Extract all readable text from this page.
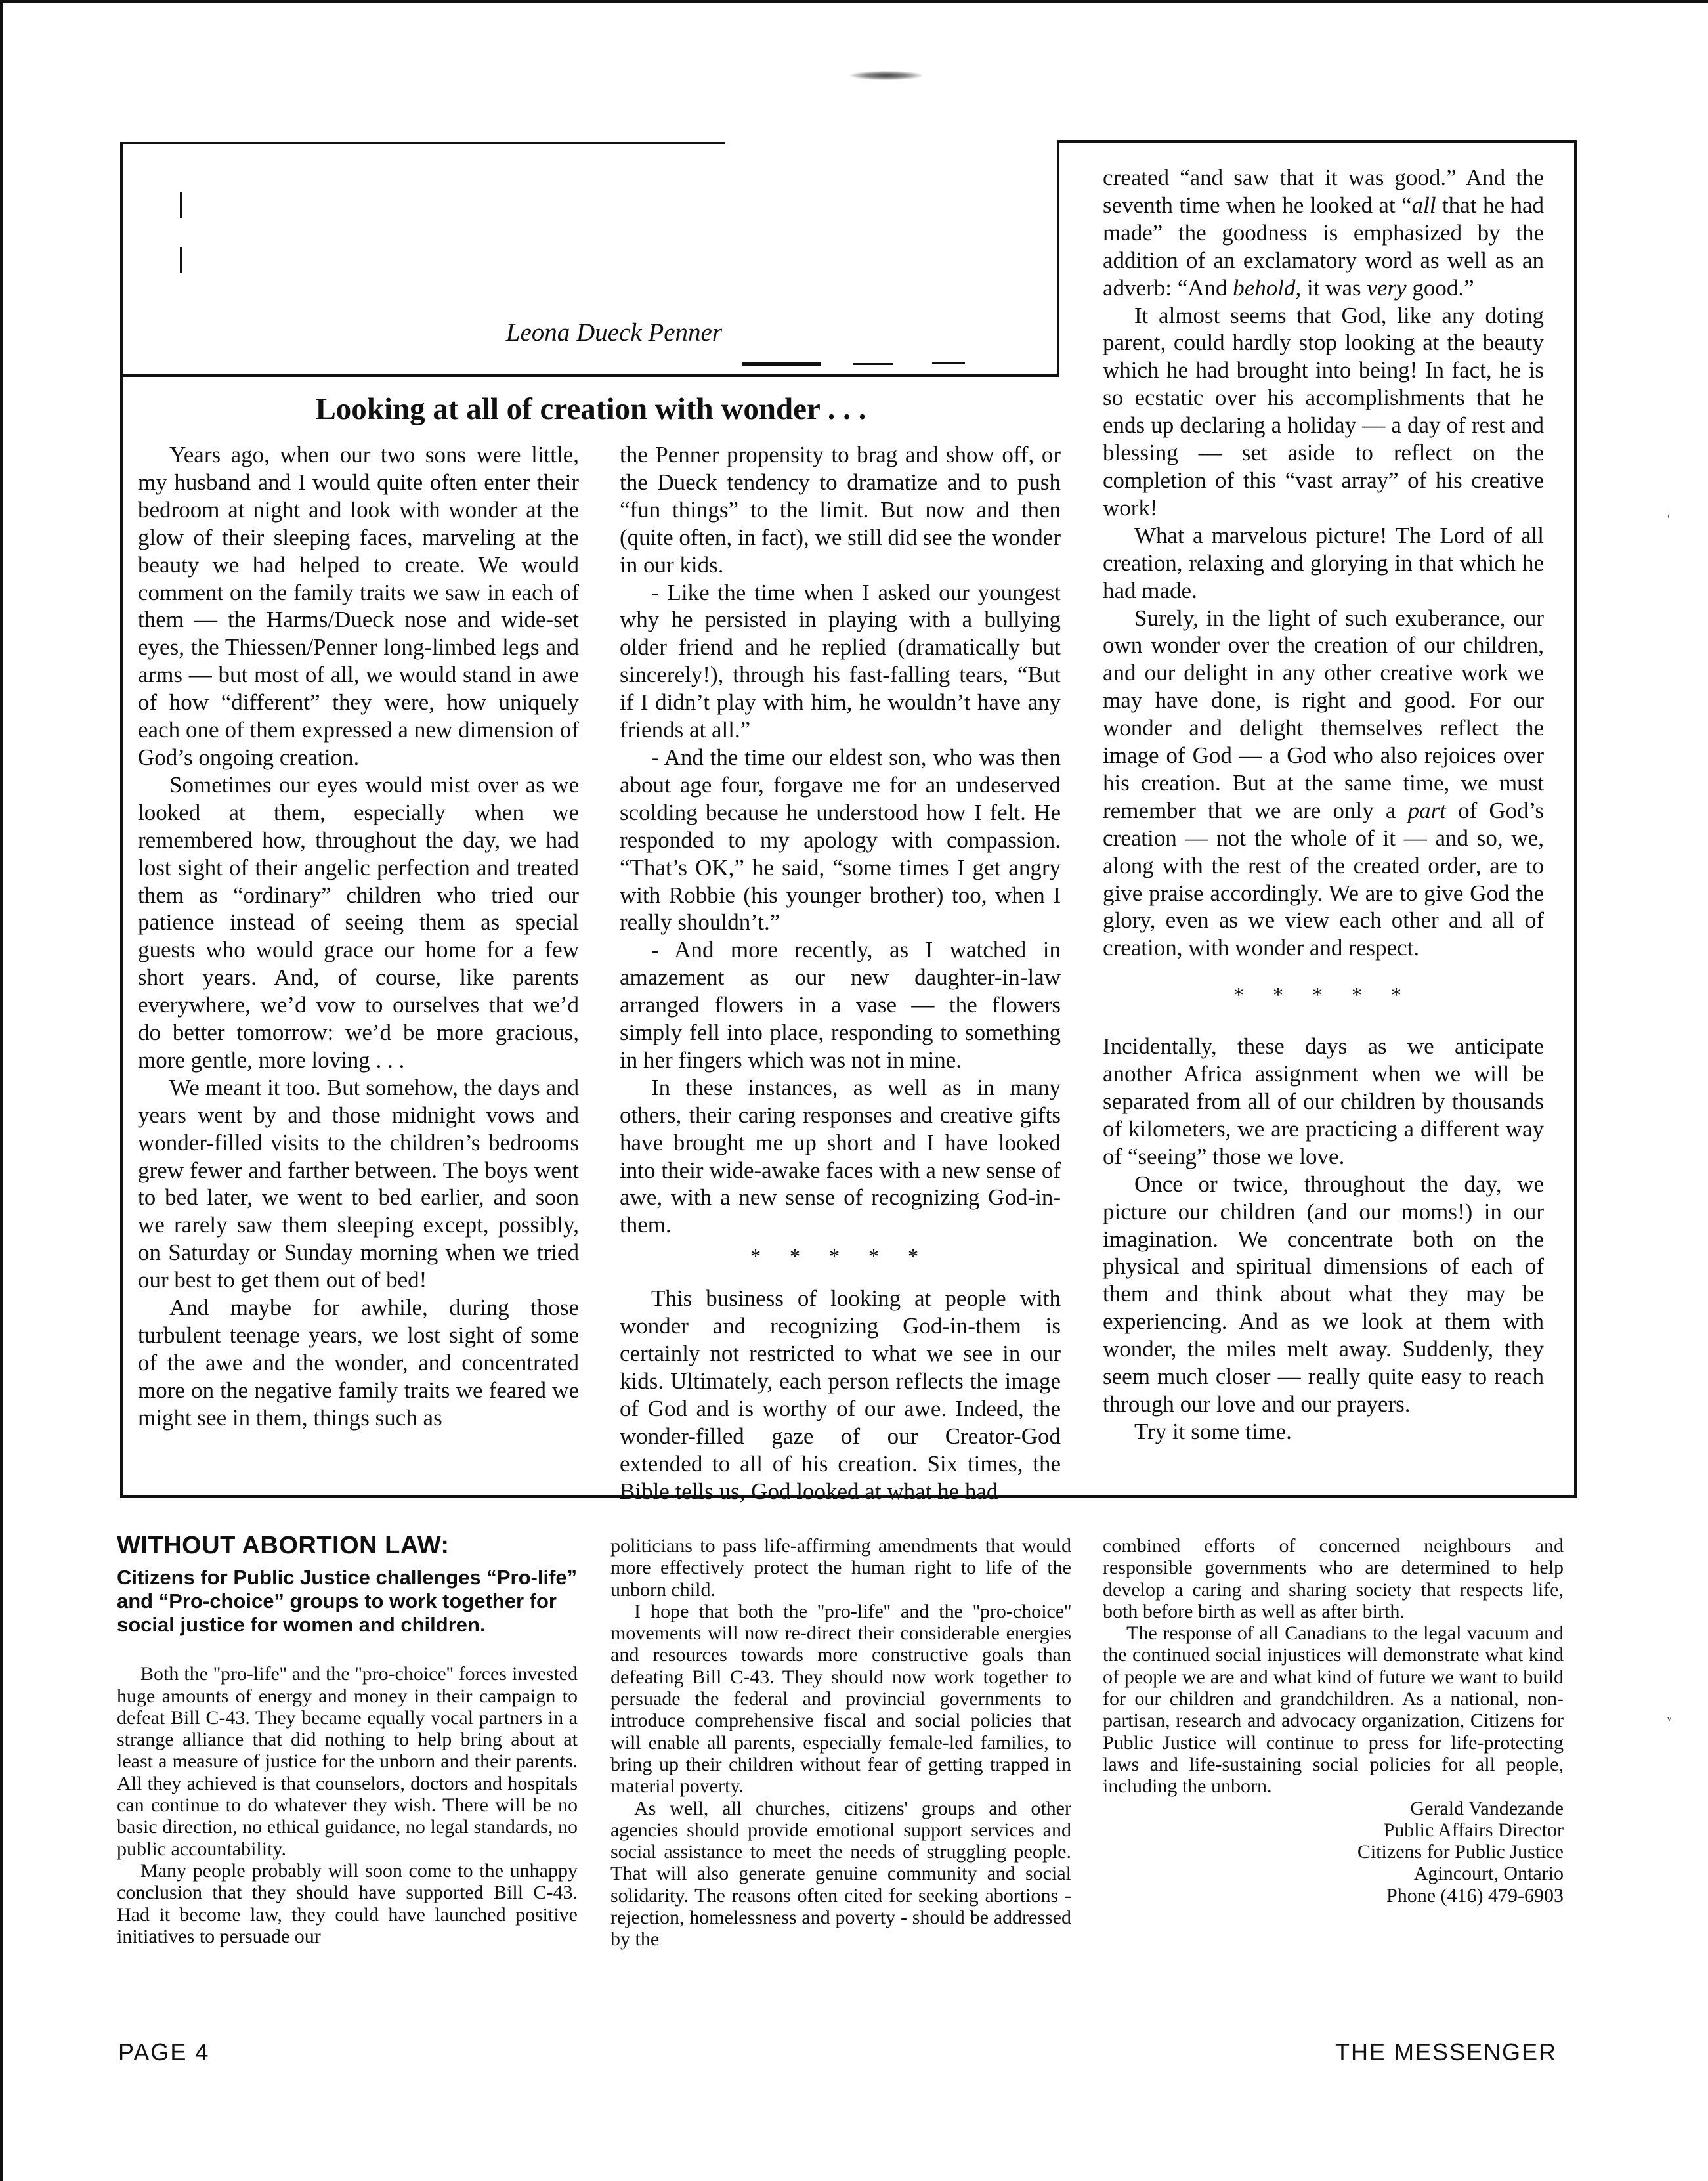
Leona Dueck Penner
Looking at all of creation with wonder . . .

Years ago, when our two sons were little, my husband and I would quite often enter their bedroom at night and look with wonder at the glow of their sleeping faces, marveling at the beauty we had helped to create. We would comment on the family traits we saw in each of them — the Harms/Dueck nose and wide-set eyes, the Thiessen/Penner long-limbed legs and arms — but most of all, we would stand in awe of how “different” they were, how uniquely each one of them expressed a new dimension of God’s ongoing creation.

Sometimes our eyes would mist over as we looked at them, especially when we remembered how, throughout the day, we had lost sight of their angelic perfection and treated them as “ordinary” children who tried our patience instead of seeing them as special guests who would grace our home for a few short years. And, of course, like parents everywhere, we’d vow to ourselves that we’d do better tomorrow: we’d be more gracious, more gentle, more loving . . .

We meant it too. But somehow, the days and years went by and those midnight vows and wonder-filled visits to the children’s bedrooms grew fewer and farther between. The boys went to bed later, we went to bed earlier, and soon we rarely saw them sleeping except, possibly, on Saturday or Sunday morning when we tried our best to get them out of bed!

And maybe for awhile, during those turbulent teenage years, we lost sight of some of the awe and the wonder, and concentrated more on the negative family traits we feared we might see in them, things such as

the Penner propensity to brag and show off, or the Dueck tendency to dramatize and to push “fun things” to the limit. But now and then (quite often, in fact), we still did see the wonder in our kids.

- Like the time when I asked our youngest why he persisted in playing with a bullying older friend and he replied (dramatically but sincerely!), through his fast-falling tears, “But if I didn’t play with him, he wouldn’t have any friends at all.”

- And the time our eldest son, who was then about age four, forgave me for an undeserved scolding because he understood how I felt. He responded to my apology with compassion. “That’s OK,” he said, “some times I get angry with Robbie (his younger brother) too, when I really shouldn’t.”

- And more recently, as I watched in amazement as our new daughter-in-law arranged flowers in a vase — the flowers simply fell into place, responding to something in her fingers which was not in mine.

In these instances, as well as in many others, their caring responses and creative gifts have brought me up short and I have looked into their wide-awake faces with a new sense of awe, with a new sense of recognizing God-in-them.

* * * * *

This business of looking at people with wonder and recognizing God-in-them is certainly not restricted to what we see in our kids. Ultimately, each person reflects the image of God and is worthy of our awe. Indeed, the wonder-filled gaze of our Creator-God extended to all of his creation. Six times, the Bible tells us, God looked at what he had

created “and saw that it was good.” And the seventh time when he looked at “all that he had made” the goodness is emphasized by the addition of an exclamatory word as well as an adverb: “And behold, it was very good.”

It almost seems that God, like any doting parent, could hardly stop looking at the beauty which he had brought into being! In fact, he is so ecstatic over his accomplishments that he ends up declaring a holiday — a day of rest and blessing — set aside to reflect on the completion of this “vast array” of his creative work!

What a marvelous picture! The Lord of all creation, relaxing and glorying in that which he had made.

Surely, in the light of such exuberance, our own wonder over the creation of our children, and our delight in any other creative work we may have done, is right and good. For our wonder and delight themselves reflect the image of God — a God who also rejoices over his creation. But at the same time, we must remember that we are only a part of God’s creation — not the whole of it — and so, we, along with the rest of the created order, are to give praise accordingly. We are to give God the glory, even as we view each other and all of creation, with wonder and respect.

* * * * *

Incidentally, these days as we anticipate another Africa assignment when we will be separated from all of our children by thousands of kilometers, we are practicing a different way of “seeing” those we love.

Once or twice, throughout the day, we picture our children (and our moms!) in our imagination. We concentrate both on the physical and spiritual dimensions of each of them and think about what they may be experiencing. And as we look at them with wonder, the miles melt away. Suddenly, they seem much closer — really quite easy to reach through our love and our prayers.

Try it some time.

ʹ
ᵛ
WITHOUT ABORTION LAW:
Citizens for Public Justice challenges “Pro-life” and “Pro-choice” groups to work together for social justice for women and children.

Both the ''pro-life'' and the ''pro-choice'' forces invested huge amounts of energy and money in their campaign to defeat Bill C-43. They became equally vocal partners in a strange alliance that did nothing to help bring about at least a measure of justice for the unborn and their parents. All they achieved is that counselors, doctors and hospitals can continue to do whatever they wish. There will be no basic direction, no ethical guidance, no legal standards, no public accountability.

Many people probably will soon come to the unhappy conclusion that they should have supported Bill C-43. Had it become law, they could have launched positive initiatives to persuade our

politicians to pass life-affirming amendments that would more effectively protect the human right to life of the unborn child.

I hope that both the ''pro-life'' and the ''pro-choice'' movements will now re-direct their considerable energies and resources towards more constructive goals than defeating Bill C-43. They should now work together to persuade the federal and provincial governments to introduce comprehensive fiscal and social policies that will enable all parents, especially female-led families, to bring up their children without fear of getting trapped in material poverty.

As well, all churches, citizens' groups and other agencies should provide emotional support services and social assistance to meet the needs of struggling people. That will also generate genuine community and social solidarity. The reasons often cited for seeking abortions - rejection, homelessness and poverty - should be addressed by the

combined efforts of concerned neighbours and responsible governments who are determined to help develop a caring and sharing society that respects life, both before birth as well as after birth.

The response of all Canadians to the legal vacuum and the continued social injustices will demonstrate what kind of people we are and what kind of future we want to build for our children and grandchildren. As a national, non-partisan, research and advocacy organization, Citizens for Public Justice will continue to press for life-protecting laws and life-sustaining social policies for all people, including the unborn.

Gerald Vandezande
Public Affairs Director
Citizens for Public Justice
Agincourt, Ontario
Phone (416) 479-6903
PAGE 4	THE MESSENGER
